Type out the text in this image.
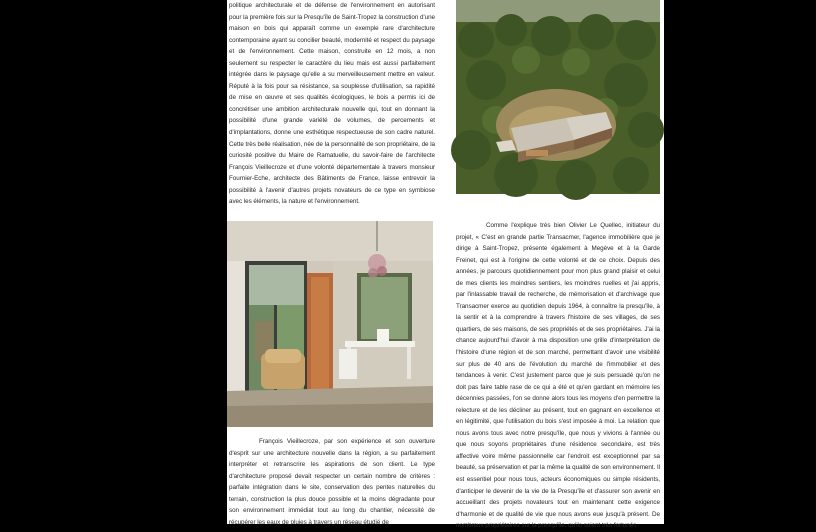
politique architecturale et de défense de l'environnement en autorisant pour la première fois sur la Presqu'île de Saint-Tropez la construction d'une maison en bois qui apparaît comme un exemple rare d'architecture contemporaine ayant su concilier beauté, modernité et respect du paysage et de l'environnement. Cette maison, construite en 12 mois, a non seulement su respecter le caractère du lieu mais est aussi parfaitement intégrée dans le paysage qu'elle a su merveilleusement mettre en valeur. Réputé à la fois pour sa résistance, sa souplesse d'utilisation, sa rapidité de mise en œuvre et ses qualités écologiques, le bois a permis ici de concrétiser une ambition architecturale nouvelle qui, tout en donnant la possibilité d'une grande variété de volumes, de percements et d'implantations, donne une esthétique respectueuse de son cadre naturel. Cette très belle réalisation, née de la personnalité de son propriétaire, de la curiosité positive du Maire de Ramatuelle, du savoir-faire de l'architecte François Vieillecroze et d'une volonté départementale à travers monsieur Fournier-Eche, architecte des Bâtiments de France, laisse entrevoir la possibilité à l'avenir d'autres projets novateurs de ce type en symbiose avec les éléments, la nature et l'environnement.

François Vieillecroze, par son expérience et son ouverture d'esprit sur une architecture nouvelle dans la région, a su parfaitement interpréter et retranscrire les aspirations de son client. Le type d'architecture proposé devait respecter un certain nombre de critères : parfaite intégration dans le site, conservation des pentes naturelles du terrain, construction la plus douce possible et la moins dégradante pour son environnement immédiat tout au long du chantier, nécessité de récupérer les eaux de pluies à travers un réseau étudié de

Comme l'explique très bien Olivier Le Quellec, initiateur du projet, « C'est en grande partie Transacmer, l'agence immobilière que je dirige à Saint-Tropez, présente également à Megève et à la Garde Freinet, qui est à l'origine de cette volonté et de ce choix. Depuis des années, je parcours quotidiennement pour mon plus grand plaisir et celui de mes clients les moindres sentiers, les moindres ruelles et j'ai appris, par l'inlassable travail de recherche, de mémorisation et d'archivage que Transacmer exerce au quotidien depuis 1964, à connaître la presqu'île, à la sentir et à la comprendre à travers l'histoire de ses villages, de ses quartiers, de ses maisons, de ses propriétés et de ses propriétaires. J'ai la chance aujourd'hui d'avoir à ma disposition une grille d'interprétation de l'histoire d'une région et de son marché, permettant d'avoir une visibilité sur plus de 40 ans de l'évolution du marché de l'immobilier et des tendances à venir. C'est justement parce que je suis persuadé qu'on ne doit pas faire table rase de ce qui a été et qu'en gardant en mémoire les décennies passées, l'on se donne alors tous les moyens d'en permettre la relecture et de les décliner au présent, tout en gagnant en excellence et en légitimité, que l'utilisation du bois s'est imposée à moi. La relation que nous avons tous avec notre presqu'île, que nous y vivions à l'année ou que nous soyons propriétaires d'une résidence secondaire, est très affective voire même passionnelle car l'endroit est exceptionnel par sa beauté, sa préservation et par la même la qualité de son environnement. Il est essentiel pour nous tous, acteurs économiques ou simple résidents, d'anticiper le devenir de la vie de la Presqu'île et d'assurer son avenir en accueillant des projets novateurs tout en maintenant cette exigence d'harmonie et de qualité de vie que nous avons eue jusqu'à présent. De nombreux propriétaires sur la presqu'île, qu'ils soient très fortunés
